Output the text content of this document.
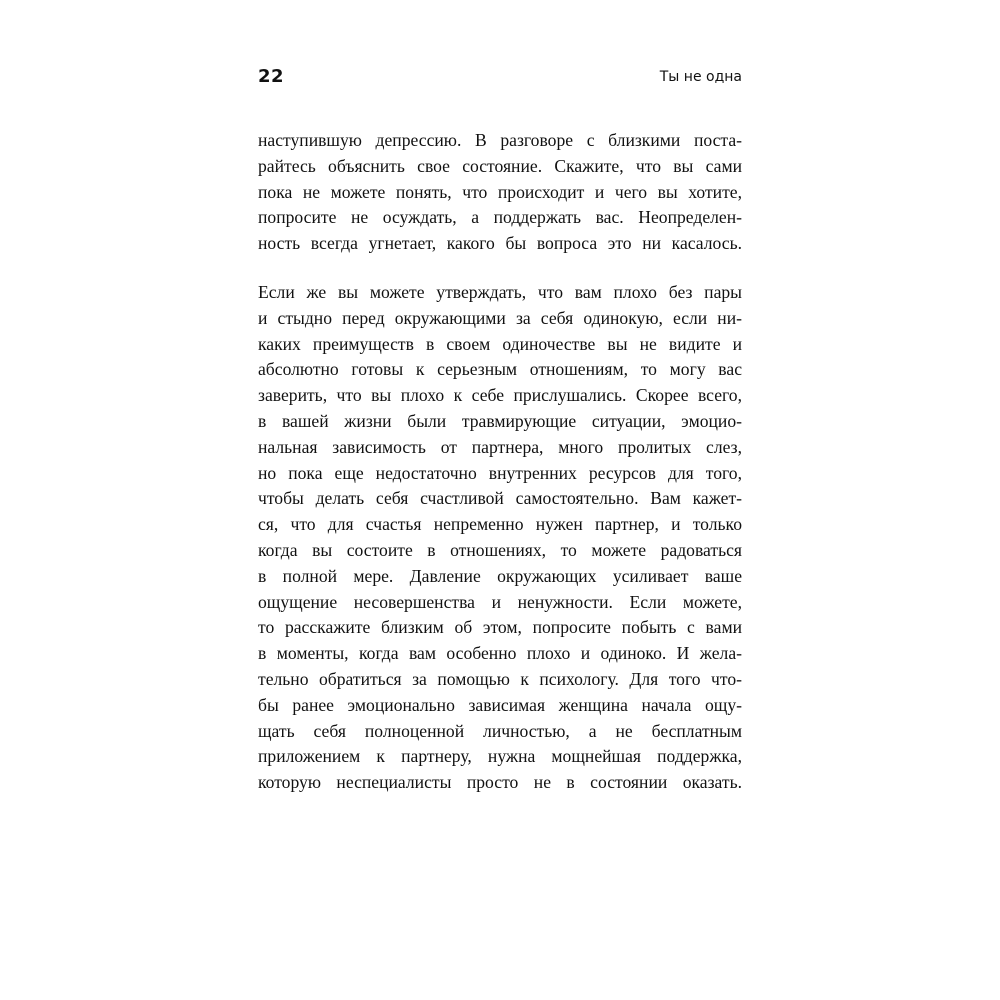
22	Ты не одна
наступившую депрессию. В разговоре с близкими поста-
райтесь объяснить свое состояние. Скажите, что вы сами
пока не можете понять, что происходит и чего вы хотите,
попросите не осуждать, а поддержать вас. Неопределен-
ность всегда угнетает, какого бы вопроса это ни касалось.
Если же вы можете утверждать, что вам плохо без пары
и стыдно перед окружающими за себя одинокую, если ни-
каких преимуществ в своем одиночестве вы не видите и
абсолютно готовы к серьезным отношениям, то могу вас
заверить, что вы плохо к себе прислушались. Скорее всего,
в вашей жизни были травмирующие ситуации, эмоцио-
нальная зависимость от партнера, много пролитых слез,
но пока еще недостаточно внутренних ресурсов для того,
чтобы делать себя счастливой самостоятельно. Вам кажет-
ся, что для счастья непременно нужен партнер, и только
когда вы состоите в отношениях, то можете радоваться
в полной мере. Давление окружающих усиливает ваше
ощущение несовершенства и ненужности. Если можете,
то расскажите близким об этом, попросите побыть с вами
в моменты, когда вам особенно плохо и одиноко. И жела-
тельно обратиться за помощью к психологу. Для того что-
бы ранее эмоционально зависимая женщина начала ощу-
щать себя полноценной личностью, а не бесплатным
приложением к партнеру, нужна мощнейшая поддержка,
которую неспециалисты просто не в состоянии оказать.
